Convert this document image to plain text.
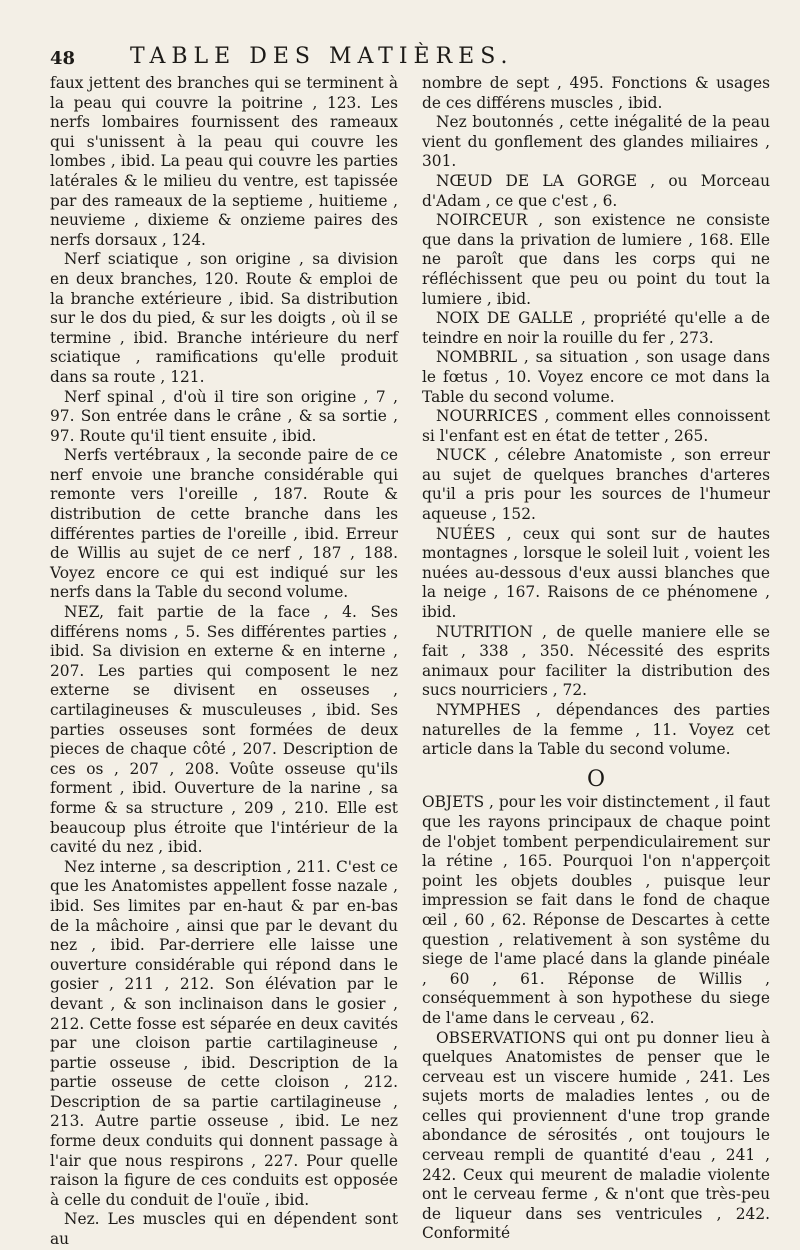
48 TABLE DES MATIÈRES.

faux jettent des branches qui se terminent à la peau qui couvre la poitrine , 123. Les nerfs lombaires fournissent des rameaux qui s'unissent à la peau qui couvre les lombes , ibid. La peau qui couvre les parties latérales & le milieu du ventre, est tapissée par des rameaux de la septieme , huitieme , neuvieme , dixieme & onzieme paires des nerfs dorsaux , 124.

Nerf sciatique , son origine , sa division en deux branches, 120. Route & emploi de la branche extérieure , ibid. Sa distribution sur le dos du pied, & sur les doigts , où il se termine , ibid. Branche intérieure du nerf sciatique , ramifications qu'elle produit dans sa route , 121.

Nerf spinal , d'où il tire son origine , 7 , 97. Son entrée dans le crâne , & sa sortie , 97. Route qu'il tient ensuite , ibid.

Nerfs vertébraux , la seconde paire de ce nerf envoie une branche considérable qui remonte vers l'oreille , 187. Route & distribution de cette branche dans les différentes parties de l'oreille , ibid. Erreur de Willis au sujet de ce nerf , 187 , 188. Voyez encore ce qui est indiqué sur les nerfs dans la Table du second volume.

NEZ, fait partie de la face , 4. Ses différens noms , 5. Ses différentes parties , ibid. Sa division en externe & en interne , 207. Les parties qui composent le nez externe se divisent en osseuses , cartilagineuses & musculeuses , ibid. Ses parties osseuses sont formées de deux pieces de chaque côté , 207. Description de ces os , 207 , 208. Voûte osseuse qu'ils forment , ibid. Ouverture de la narine , sa forme & sa structure , 209 , 210. Elle est beaucoup plus étroite que l'intérieur de la cavité du nez , ibid.

Nez interne , sa description , 211. C'est ce que les Anatomistes appellent fosse nazale , ibid. Ses limites par en-haut & par en-bas de la mâchoire , ainsi que par le devant du nez , ibid. Par-derriere elle laisse une ouverture considérable qui répond dans le gosier , 211 , 212. Son élévation par le devant , & son inclinaison dans le gosier , 212. Cette fosse est séparée en deux cavités par une cloison partie cartilagineuse , partie osseuse , ibid. Description de la partie osseuse de cette cloison , 212. Description de sa partie cartilagineuse , 213. Autre partie osseuse , ibid. Le nez forme deux conduits qui donnent passage à l'air que nous respirons , 227. Pour quelle raison la figure de ces conduits est opposée à celle du conduit de l'ouïe , ibid.

Nez. Les muscles qui en dépendent sont au

nombre de sept , 495. Fonctions & usages de ces différens muscles , ibid.

Nez boutonnés , cette inégalité de la peau vient du gonflement des glandes miliaires , 301.

NŒUD DE LA GORGE , ou Morceau d'Adam , ce que c'est , 6.

NOIRCEUR , son existence ne consiste que dans la privation de lumiere , 168. Elle ne paroît que dans les corps qui ne réfléchissent que peu ou point du tout la lumiere , ibid.

NOIX DE GALLE , propriété qu'elle a de teindre en noir la rouille du fer , 273.

NOMBRIL , sa situation , son usage dans le fœtus , 10. Voyez encore ce mot dans la Table du second volume.

NOURRICES , comment elles connoissent si l'enfant est en état de tetter , 265.

NUCK , célebre Anatomiste , son erreur au sujet de quelques branches d'arteres qu'il a pris pour les sources de l'humeur aqueuse , 152.

NUÉES , ceux qui sont sur de hautes montagnes , lorsque le soleil luit , voient les nuées au-dessous d'eux aussi blanches que la neige , 167. Raisons de ce phénomene , ibid.

NUTRITION , de quelle maniere elle se fait , 338 , 350. Nécessité des esprits animaux pour faciliter la distribution des sucs nourriciers , 72.

NYMPHES , dépendances des parties naturelles de la femme , 11. Voyez cet article dans la Table du second volume.

O

OBJETS , pour les voir distinctement , il faut que les rayons principaux de chaque point de l'objet tombent perpendiculairement sur la rétine , 165. Pourquoi l'on n'apperçoit point les objets doubles , puisque leur impression se fait dans le fond de chaque œil , 60 , 62. Réponse de Descartes à cette question , relativement à son systême du siege de l'ame placé dans la glande pinéale , 60 , 61. Réponse de Willis , conséquemment à son hypothese du siege de l'ame dans le cerveau , 62.

OBSERVATIONS qui ont pu donner lieu à quelques Anatomistes de penser que le cerveau est un viscere humide , 241. Les sujets morts de maladies lentes , ou de celles qui proviennent d'une trop grande abondance de sérosités , ont toujours le cerveau rempli de quantité d'eau , 241 , 242. Ceux qui meurent de maladie violente ont le cerveau ferme , & n'ont que très-peu de liqueur dans ses ventricules , 242. Conformité
